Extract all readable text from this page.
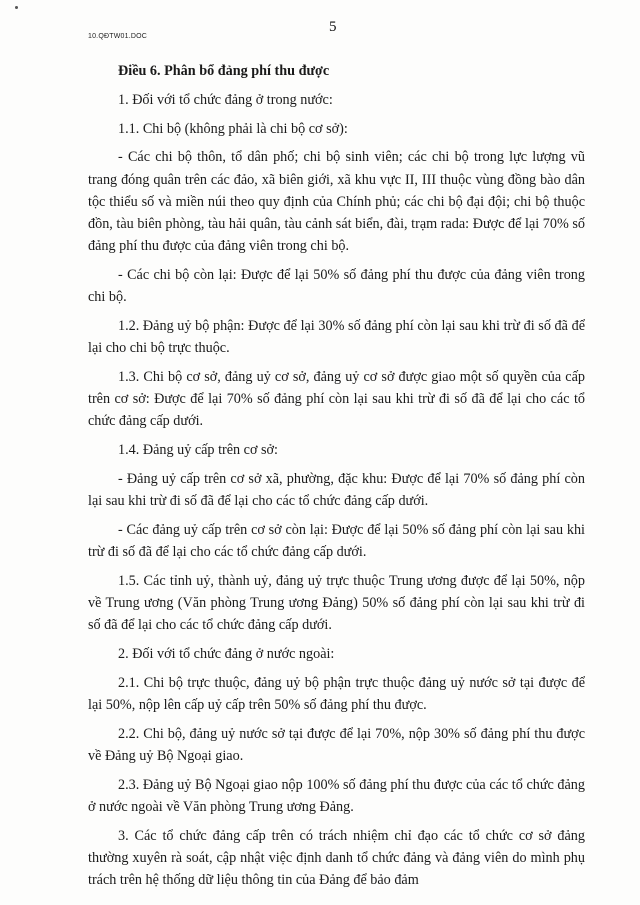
10.QĐTW01.DOC
5

Điều 6. Phân bổ đảng phí thu được

1. Đối với tổ chức đảng ở trong nước:

1.1. Chi bộ (không phải là chi bộ cơ sở):

- Các chi bộ thôn, tổ dân phố; chi bộ sinh viên; các chi bộ trong lực lượng vũ trang đóng quân trên các đảo, xã biên giới, xã khu vực II, III thuộc vùng đồng bào dân tộc thiểu số và miền núi theo quy định của Chính phủ; các chi bộ đại đội; chi bộ thuộc đồn, tàu biên phòng, tàu hải quân, tàu cảnh sát biển, đài, trạm rada: Được để lại 70% số đảng phí thu được của đảng viên trong chi bộ.

- Các chi bộ còn lại: Được để lại 50% số đảng phí thu được của đảng viên trong chi bộ.

1.2. Đảng uỷ bộ phận: Được để lại 30% số đảng phí còn lại sau khi trừ đi số đã để lại cho chi bộ trực thuộc.

1.3. Chi bộ cơ sở, đảng uỷ cơ sở, đảng uỷ cơ sở được giao một số quyền của cấp trên cơ sở: Được để lại 70% số đảng phí còn lại sau khi trừ đi số đã để lại cho các tổ chức đảng cấp dưới.

1.4. Đảng uỷ cấp trên cơ sở:

- Đảng uỷ cấp trên cơ sở xã, phường, đặc khu: Được để lại 70% số đảng phí còn lại sau khi trừ đi số đã để lại cho các tổ chức đảng cấp dưới.

- Các đảng uỷ cấp trên cơ sở còn lại: Được để lại 50% số đảng phí còn lại sau khi trừ đi số đã để lại cho các tổ chức đảng cấp dưới.

1.5. Các tỉnh uỷ, thành uỷ, đảng uỷ trực thuộc Trung ương được để lại 50%, nộp về Trung ương (Văn phòng Trung ương Đảng) 50% số đảng phí còn lại sau khi trừ đi số đã để lại cho các tổ chức đảng cấp dưới.

2. Đối với tổ chức đảng ở nước ngoài:

2.1. Chi bộ trực thuộc, đảng uỷ bộ phận trực thuộc đảng uỷ nước sở tại được để lại 50%, nộp lên cấp uỷ cấp trên 50% số đảng phí thu được.

2.2. Chi bộ, đảng uỷ nước sở tại được để lại 70%, nộp 30% số đảng phí thu được về Đảng uỷ Bộ Ngoại giao.

2.3. Đảng uỷ Bộ Ngoại giao nộp 100% số đảng phí thu được của các tổ chức đảng ở nước ngoài về Văn phòng Trung ương Đảng.

3. Các tổ chức đảng cấp trên có trách nhiệm chỉ đạo các tổ chức cơ sở đảng thường xuyên rà soát, cập nhật việc định danh tổ chức đảng và đảng viên do mình phụ trách trên hệ thống dữ liệu thông tin của Đảng để bảo đảm
